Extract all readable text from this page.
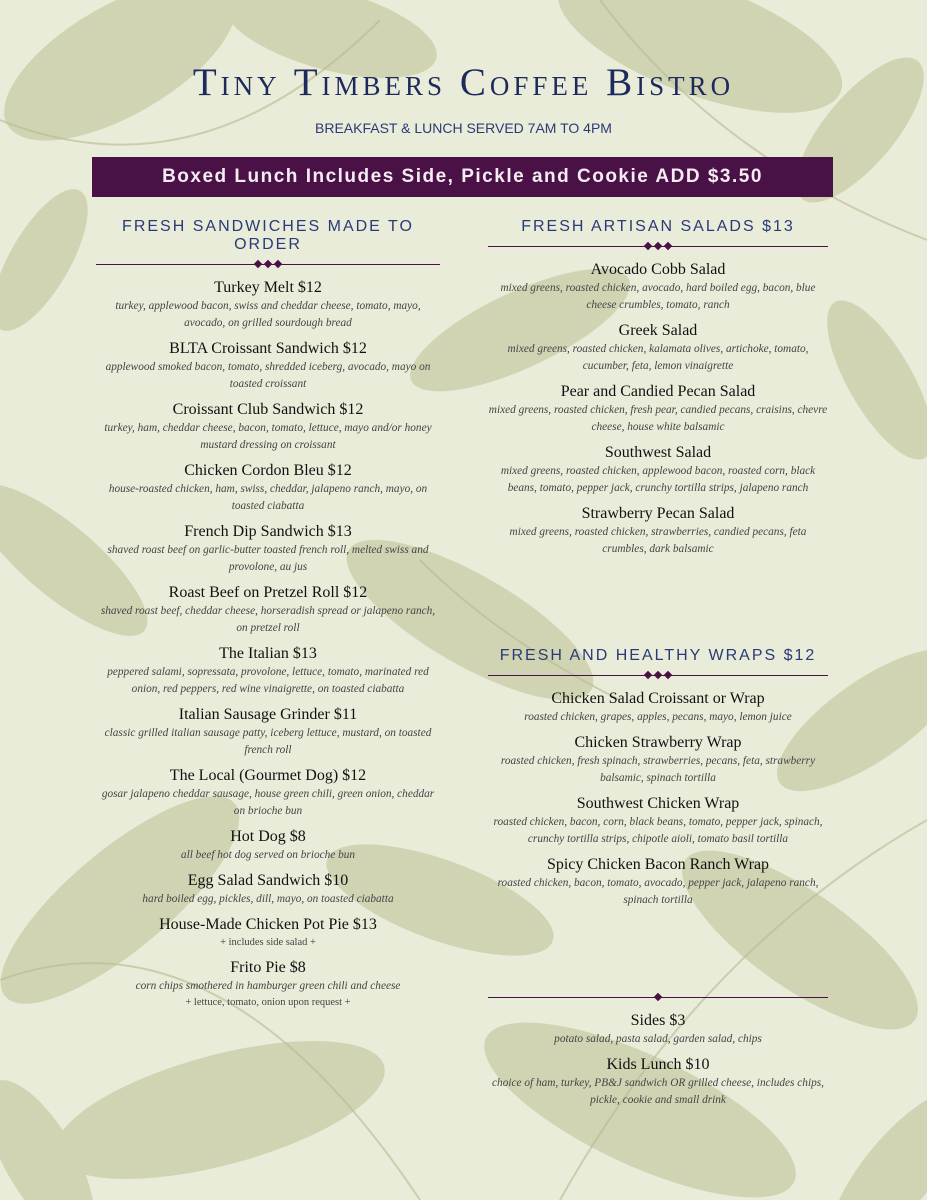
Tiny Timbers Coffee Bistro
BREAKFAST & LUNCH SERVED 7AM TO 4PM
Boxed Lunch Includes Side, Pickle and Cookie ADD $3.50
FRESH SANDWICHES MADE TO ORDER
Turkey Melt $12
turkey, applewood bacon, swiss and cheddar cheese, tomato, mayo, avocado, on grilled sourdough bread
BLTA Croissant Sandwich $12
applewood smoked bacon, tomato, shredded iceberg, avocado, mayo on toasted croissant
Croissant Club Sandwich $12
turkey, ham, cheddar cheese, bacon, tomato, lettuce, mayo and/or honey mustard dressing on croissant
Chicken Cordon Bleu $12
house-roasted chicken, ham, swiss, cheddar, jalapeno ranch, mayo, on toasted ciabatta
French Dip Sandwich $13
shaved roast beef on garlic-butter toasted french roll, melted swiss and provolone, au jus
Roast Beef on Pretzel Roll $12
shaved roast beef, cheddar cheese, horseradish spread or jalapeno ranch, on pretzel roll
The Italian $13
peppered salami, sopressata, provolone, lettuce, tomato, marinated red onion, red peppers, red wine vinaigrette, on toasted ciabatta
Italian Sausage Grinder $11
classic grilled italian sausage patty, iceberg lettuce, mustard, on toasted french roll
The Local (Gourmet Dog) $12
gosar jalapeno cheddar sausage, house green chili, green onion, cheddar on brioche bun
Hot Dog $8
all beef hot dog served on brioche bun
Egg Salad Sandwich $10
hard boiled egg, pickles, dill, mayo, on toasted ciabatta
House-Made Chicken Pot Pie $13
+ includes side salad +
Frito Pie $8
corn chips smothered in hamburger green chili and cheese
+ lettuce, tomato, onion upon request +
FRESH ARTISAN SALADS $13
Avocado Cobb Salad
mixed greens, roasted chicken, avocado, hard boiled egg, bacon, blue cheese crumbles, tomato, ranch
Greek Salad
mixed greens, roasted chicken, kalamata olives, artichoke, tomato, cucumber, feta, lemon vinaigrette
Pear and Candied Pecan Salad
mixed greens, roasted chicken, fresh pear, candied pecans, craisins, chevre cheese, house white balsamic
Southwest Salad
mixed greens, roasted chicken, applewood bacon, roasted corn, black beans, tomato, pepper jack, crunchy tortilla strips, jalapeno ranch
Strawberry Pecan Salad
mixed greens, roasted chicken, strawberries, candied pecans, feta crumbles, dark balsamic
FRESH AND HEALTHY WRAPS $12
Chicken Salad Croissant or Wrap
roasted chicken, grapes, apples, pecans, mayo, lemon juice
Chicken Strawberry Wrap
roasted chicken, fresh spinach, strawberries, pecans, feta, strawberry balsamic, spinach tortilla
Southwest Chicken Wrap
roasted chicken, bacon, corn, black beans, tomato, pepper jack, spinach, crunchy tortilla strips, chipotle aioli, tomato basil tortilla
Spicy Chicken Bacon Ranch Wrap
roasted chicken, bacon, tomato, avocado, pepper jack, jalapeno ranch, spinach tortilla
Sides $3
potato salad, pasta salad, garden salad, chips
Kids Lunch $10
choice of ham, turkey, PB&J sandwich OR grilled cheese, includes chips, pickle, cookie and small drink
